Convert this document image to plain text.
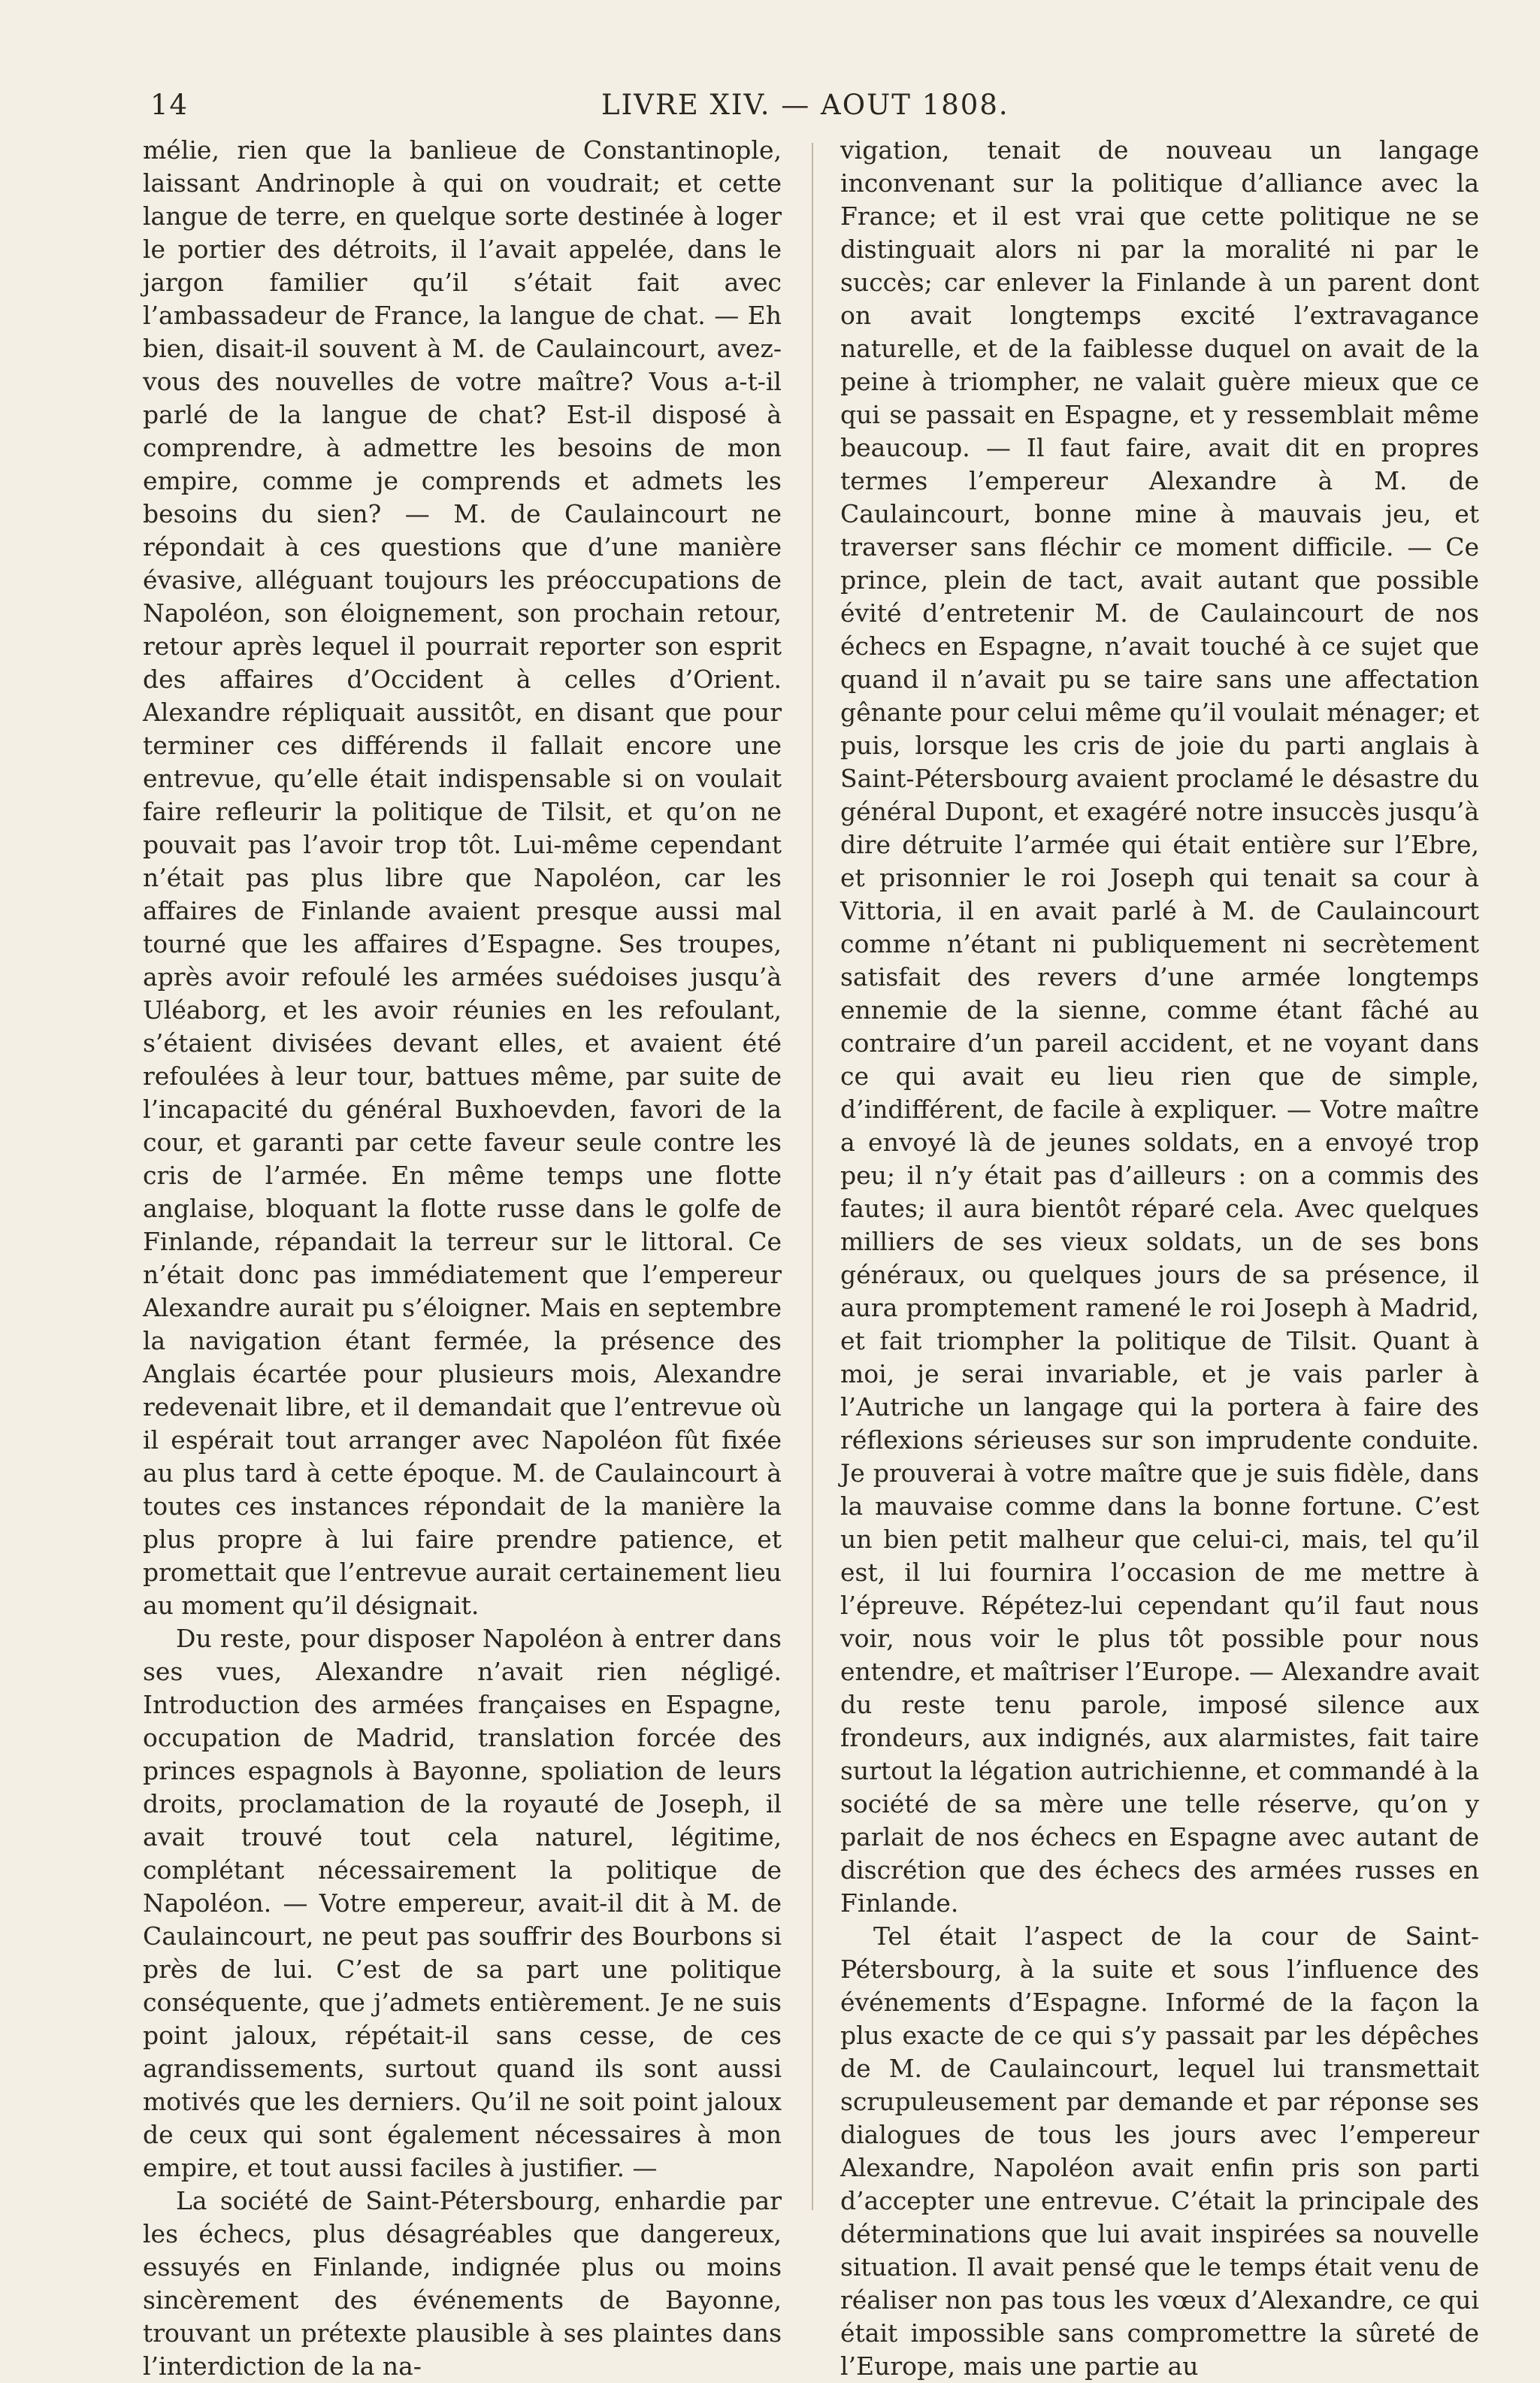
14	LIVRE XIV. — AOUT 1808.

mélie, rien que la banlieue de Constantinople, laissant Andrinople à qui on voudrait; et cette langue de terre, en quelque sorte destinée à loger le portier des détroits, il l’avait appelée, dans le jargon familier qu’il s’était fait avec l’ambassadeur de France, la langue de chat. — Eh bien, disait-il souvent à M. de Caulaincourt, avez-vous des nouvelles de votre maître? Vous a-t-il parlé de la langue de chat? Est-il disposé à comprendre, à admettre les besoins de mon empire, comme je comprends et admets les besoins du sien? — M. de Caulaincourt ne répondait à ces questions que d’une manière évasive, alléguant toujours les préoccupations de Napoléon, son éloignement, son prochain retour, retour après lequel il pourrait reporter son esprit des affaires d’Occident à celles d’Orient. Alexandre répliquait aussitôt, en disant que pour terminer ces différends il fallait encore une entrevue, qu’elle était indispensable si on voulait faire refleurir la politique de Tilsit, et qu’on ne pouvait pas l’avoir trop tôt. Lui-même cependant n’était pas plus libre que Napoléon, car les affaires de Finlande avaient presque aussi mal tourné que les affaires d’Espagne. Ses troupes, après avoir refoulé les armées suédoises jusqu’à Uléaborg, et les avoir réunies en les refoulant, s’étaient divisées devant elles, et avaient été refoulées à leur tour, battues même, par suite de l’incapacité du général Buxhoevden, favori de la cour, et garanti par cette faveur seule contre les cris de l’armée. En même temps une flotte anglaise, bloquant la flotte russe dans le golfe de Finlande, répandait la terreur sur le littoral. Ce n’était donc pas immédiatement que l’empereur Alexandre aurait pu s’éloigner. Mais en septembre la navigation étant fermée, la présence des Anglais écartée pour plusieurs mois, Alexandre redevenait libre, et il demandait que l’entrevue où il espérait tout arranger avec Napoléon fût fixée au plus tard à cette époque. M. de Caulaincourt à toutes ces instances répondait de la manière la plus propre à lui faire prendre patience, et promettait que l’entrevue aurait certainement lieu au moment qu’il désignait.

Du reste, pour disposer Napoléon à entrer dans ses vues, Alexandre n’avait rien négligé. Introduction des armées françaises en Espagne, occupation de Madrid, translation forcée des princes espagnols à Bayonne, spoliation de leurs droits, proclamation de la royauté de Joseph, il avait trouvé tout cela naturel, légitime, complétant nécessairement la politique de Napoléon. — Votre empereur, avait-il dit à M. de Caulaincourt, ne peut pas souffrir des Bourbons si près de lui. C’est de sa part une politique conséquente, que j’admets entièrement. Je ne suis point jaloux, répétait-il sans cesse, de ces agrandissements, surtout quand ils sont aussi motivés que les derniers. Qu’il ne soit point jaloux de ceux qui sont également nécessaires à mon empire, et tout aussi faciles à justifier. —

La société de Saint-Pétersbourg, enhardie par les échecs, plus désagréables que dangereux, essuyés en Finlande, indignée plus ou moins sincèrement des événements de Bayonne, trouvant un prétexte plausible à ses plaintes dans l’interdiction de la na-

vigation, tenait de nouveau un langage inconvenant sur la politique d’alliance avec la France; et il est vrai que cette politique ne se distinguait alors ni par la moralité ni par le succès; car enlever la Finlande à un parent dont on avait longtemps excité l’extravagance naturelle, et de la faiblesse duquel on avait de la peine à triompher, ne valait guère mieux que ce qui se passait en Espagne, et y ressemblait même beaucoup. — Il faut faire, avait dit en propres termes l’empereur Alexandre à M. de Caulaincourt, bonne mine à mauvais jeu, et traverser sans fléchir ce moment difficile. — Ce prince, plein de tact, avait autant que possible évité d’entretenir M. de Caulaincourt de nos échecs en Espagne, n’avait touché à ce sujet que quand il n’avait pu se taire sans une affectation gênante pour celui même qu’il voulait ménager; et puis, lorsque les cris de joie du parti anglais à Saint-Pétersbourg avaient proclamé le désastre du général Dupont, et exagéré notre insuccès jusqu’à dire détruite l’armée qui était entière sur l’Ebre, et prisonnier le roi Joseph qui tenait sa cour à Vittoria, il en avait parlé à M. de Caulaincourt comme n’étant ni publiquement ni secrètement satisfait des revers d’une armée longtemps ennemie de la sienne, comme étant fâché au contraire d’un pareil accident, et ne voyant dans ce qui avait eu lieu rien que de simple, d’indifférent, de facile à expliquer. — Votre maître a envoyé là de jeunes soldats, en a envoyé trop peu; il n’y était pas d’ailleurs : on a commis des fautes; il aura bientôt réparé cela. Avec quelques milliers de ses vieux soldats, un de ses bons généraux, ou quelques jours de sa présence, il aura promptement ramené le roi Joseph à Madrid, et fait triompher la politique de Tilsit. Quant à moi, je serai invariable, et je vais parler à l’Autriche un langage qui la portera à faire des réflexions sérieuses sur son imprudente conduite. Je prouverai à votre maître que je suis fidèle, dans la mauvaise comme dans la bonne fortune. C’est un bien petit malheur que celui-ci, mais, tel qu’il est, il lui fournira l’occasion de me mettre à l’épreuve. Répétez-lui cependant qu’il faut nous voir, nous voir le plus tôt possible pour nous entendre, et maîtriser l’Europe. — Alexandre avait du reste tenu parole, imposé silence aux frondeurs, aux indignés, aux alarmistes, fait taire surtout la légation autrichienne, et commandé à la société de sa mère une telle réserve, qu’on y parlait de nos échecs en Espagne avec autant de discrétion que des échecs des armées russes en Finlande.

Tel était l’aspect de la cour de Saint-Pétersbourg, à la suite et sous l’influence des événements d’Espagne. Informé de la façon la plus exacte de ce qui s’y passait par les dépêches de M. de Caulaincourt, lequel lui transmettait scrupuleusement par demande et par réponse ses dialogues de tous les jours avec l’empereur Alexandre, Napoléon avait enfin pris son parti d’accepter une entrevue. C’était la principale des déterminations que lui avait inspirées sa nouvelle situation. Il avait pensé que le temps était venu de réaliser non pas tous les vœux d’Alexandre, ce qui était impossible sans compromettre la sûreté de l’Europe, mais une partie au
